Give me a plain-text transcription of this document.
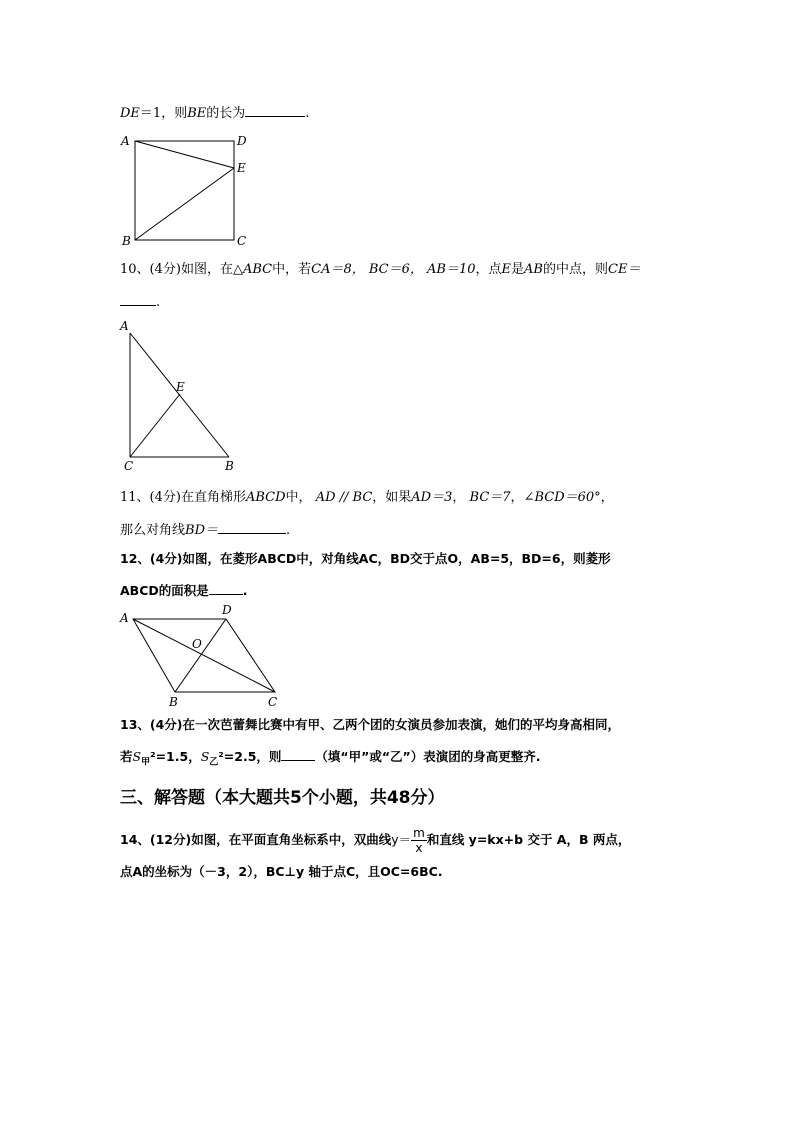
DE＝1，则BE的长为	.
A	D
E
B	C
A
E
C	B
A
D
O
B	C
10、(4分)如图，在△ABC中，若CA＝8， BC＝6， AB＝10，点E是AB的中点，则CE＝
.
11、(4分)在直角梯形ABCD中， AD // BC，如果AD＝3， BC＝7，∠BCD＝60°，
那么对角线BD＝	.
12、(4分)如图，在菱形ABCD中，对角线AC，BD交于点O，AB=5，BD=6，则菱形
ABCD的面积是	.
13、(4分)在一次芭蕾舞比赛中有甲、乙两个团的女演员参加表演，她们的平均身高相同，
若$S_甲^2=1.5$，$S_乙^2=2.5$，则	（填“甲”或“乙”）表演团的身高更整齐.
三、解答题（本大题共5个小题，共48分）
14、(12分)如图，在平面直角坐标系中，双曲线$y= \frac{m}{x}$ 和直线 y=kx+b 交于 A，B 两点，
点A的坐标为（－3，2），BC⊥y 轴于点C，且OC=6BC.
